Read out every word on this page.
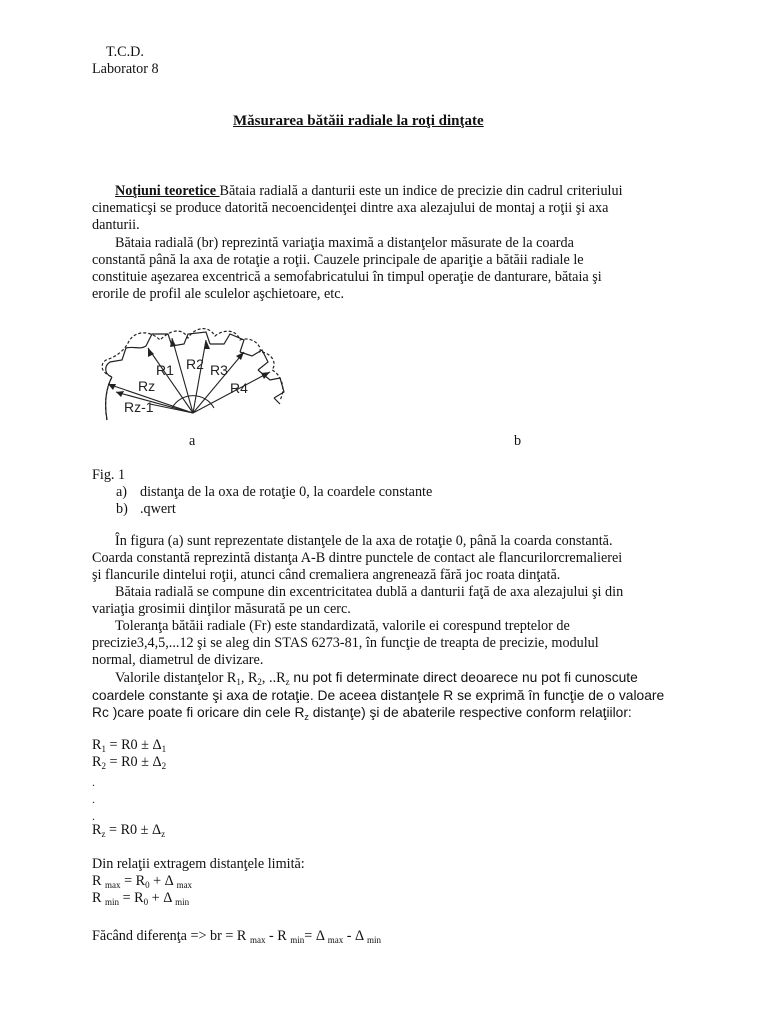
T.C.D.
Laborator 8
Măsurarea bătăii radiale la roţi dinţate
Noţiuni teoretice Bătaia radială a danturii este un indice de precizie din cadrul criteriului
cinematicşi se produce datorită necoencidenţei dintre axa alezajului de montaj a roţii şi axa
danturii.
Bătaia radială (br) reprezintă variaţia maximă a distanţelor măsurate de la coarda
constantă până la axa de rotaţie a roţii. Cauzele principale de apariţie a bătăii radiale le
constituie aşezarea excentrică a semofabricatului în timpul operaţie de danturare, bătaia şi
erorile de profil ale sculelor aşchietoare, etc.
R1 R2 R3
R4
Rz
Rz-1
a	b
Fig. 1
a) distanţa de la oxa de rotaţie 0, la coardele constante
b) .qwert
În figura (a) sunt reprezentate distanţele de la axa de rotaţie 0, până la coarda constantă.
Coarda constantă reprezintă distanţa A-B dintre punctele de contact ale flancurilorcremalierei
şi flancurile dintelui roţii, atunci când cremaliera angrenează fără joc roata dinţată.
Bătaia radială se compune din excentricitatea dublă a danturii faţă de axa alezajului şi din
variaţia grosimii dinţilor măsurată pe un cerc.
Toleranţa bătăii radiale (Fr) este standardizată, valorile ei corespund treptelor de
precizie3,4,5,...12 şi se aleg din STAS 6273-81, în funcţie de treapta de precizie, modulul
normal, diametrul de divizare.
Valorile distanţelor $R_1$, $R_2$, $..R_z$ nu pot fi determinate direct deoarece nu pot fi cunoscute
coardele constante şi axa de rotaţie. De aceea distanţele R se exprimă în funcţie de o valoare
Rc )care poate fi oricare din cele $R_z$ distanţe) şi de abaterile respective conform relaţiilor:
$R_1 = R0 \pm \Delta_1$
$R_2 = R0 \pm \Delta_2$
.
.
.
$R_z = R0 \pm \Delta_z$
Din relaţii extragem distanţele limită:
R $_{max} = R_0 + \Delta$ $_{max}$
R $_{min} = R_0 + \Delta$ $_{min}$
Făcând diferenţa => br = R $_{max}$ - R $_{min}$= Δ $_{max}$ - Δ $_{min}$
